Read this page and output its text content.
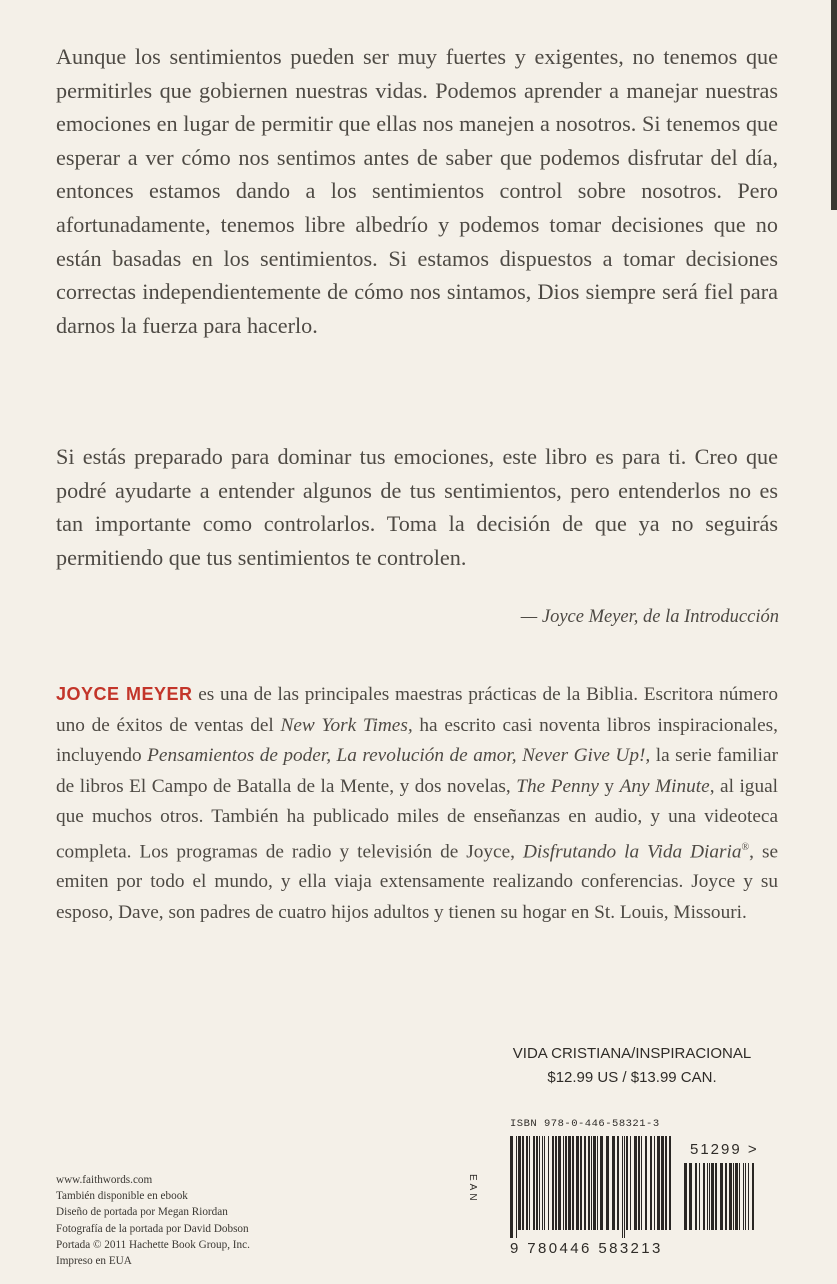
Aunque los sentimientos pueden ser muy fuertes y exigentes, no tenemos que permitirles que gobiernen nuestras vidas. Podemos aprender a manejar nuestras emociones en lugar de permitir que ellas nos manejen a nosotros. Si tenemos que esperar a ver cómo nos sentimos antes de saber que podemos disfrutar del día, entonces estamos dando a los sentimientos control sobre nosotros. Pero afortunadamente, tenemos libre albedrío y podemos tomar decisiones que no están basadas en los sentimientos. Si estamos dispuestos a tomar decisiones correctas independientemente de cómo nos sintamos, Dios siempre será fiel para darnos la fuerza para hacerlo.

Si estás preparado para dominar tus emociones, este libro es para ti. Creo que podré ayudarte a entender algunos de tus sentimientos, pero entenderlos no es tan importante como controlarlos. Toma la decisión de que ya no seguirás permitiendo que tus sentimientos te controlen.

— Joyce Meyer, de la Introducción

JOYCE MEYER es una de las principales maestras prácticas de la Biblia. Escritora número uno de éxitos de ventas del New York Times, ha escrito casi noventa libros inspiracionales, incluyendo Pensamientos de poder, La revolución de amor, Never Give Up!, la serie familiar de libros El Campo de Batalla de la Mente, y dos novelas, The Penny y Any Minute, al igual que muchos otros. También ha publicado miles de enseñanzas en audio, y una videoteca completa. Los programas de radio y televisión de Joyce, Disfrutando la Vida Diaria®, se emiten por todo el mundo, y ella viaja extensamente realizando conferencias. Joyce y su esposo, Dave, son padres de cuatro hijos adultos y tienen su hogar en St. Louis, Missouri.

VIDA CRISTIANA/INSPIRACIONAL
$12.99 US / $13.99 CAN.
ISBN 978-0-446-58321-3
EAN
51299 >
9 780446 583213
www.faithwords.com
También disponible en ebook
Diseño de portada por Megan Riordan
Fotografía de la portada por David Dobson
Portada © 2011 Hachette Book Group, Inc.
Impreso en EUA
